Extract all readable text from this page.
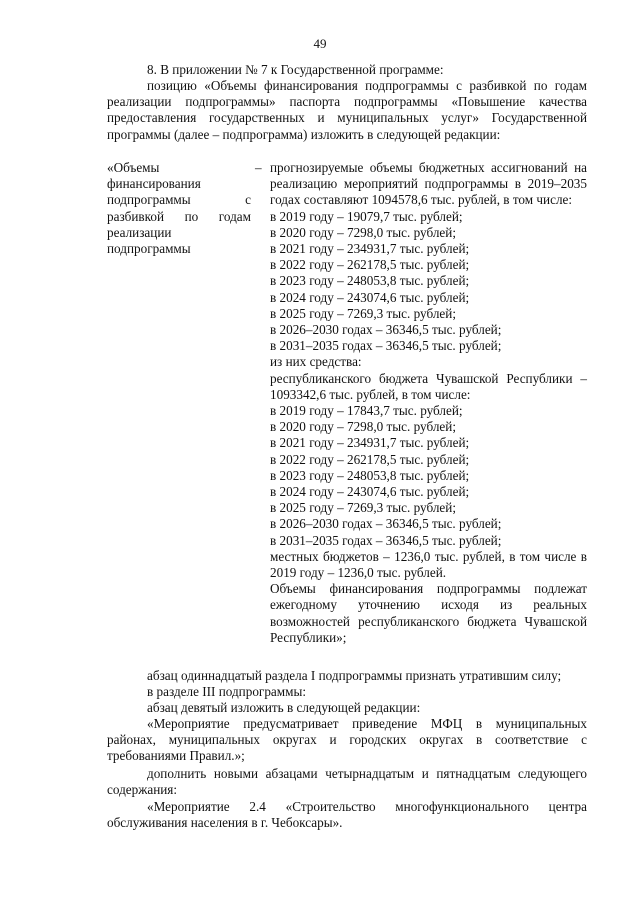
49
8. В приложении № 7 к Государственной программе:
позицию «Объемы финансирования подпрограммы с разбивкой по годам реализации подпрограммы» паспорта подпрограммы «Повышение качества предоставления государственных и муниципальных услуг» Государственной программы (далее – подпрограмма) изложить в следующей редакции:
«Объемы финансирования подпрограммы с разбивкой по годам реализации подпрограммы
– прогнозируемые объемы бюджетных ассигнований на реализацию мероприятий подпрограммы в 2019–2035 годах составляют 1094578,6 тыс. рублей, в том числе:
в 2019 году – 19079,7 тыс. рублей;
в 2020 году – 7298,0 тыс. рублей;
в 2021 году – 234931,7 тыс. рублей;
в 2022 году – 262178,5 тыс. рублей;
в 2023 году – 248053,8 тыс. рублей;
в 2024 году – 243074,6 тыс. рублей;
в 2025 году – 7269,3 тыс. рублей;
в 2026–2030 годах – 36346,5 тыс. рублей;
в 2031–2035 годах – 36346,5 тыс. рублей;
из них средства:
республиканского бюджета Чувашской Республики – 1093342,6 тыс. рублей, в том числе:
в 2019 году – 17843,7 тыс. рублей;
в 2020 году – 7298,0 тыс. рублей;
в 2021 году – 234931,7 тыс. рублей;
в 2022 году – 262178,5 тыс. рублей;
в 2023 году – 248053,8 тыс. рублей;
в 2024 году – 243074,6 тыс. рублей;
в 2025 году – 7269,3 тыс. рублей;
в 2026–2030 годах – 36346,5 тыс. рублей;
в 2031–2035 годах – 36346,5 тыс. рублей;
местных бюджетов – 1236,0 тыс. рублей, в том числе в 2019 году – 1236,0 тыс. рублей.
Объемы финансирования подпрограммы подлежат ежегодному уточнению исходя из реальных возможностей республиканского бюджета Чувашской Республики»;
абзац одиннадцатый раздела I подпрограммы признать утратившим силу;
в разделе III подпрограммы:
абзац девятый изложить в следующей редакции:
«Мероприятие предусматривает приведение МФЦ в муниципальных районах, муниципальных округах и городских округах в соответствие с требованиями Правил.»;
дополнить новыми абзацами четырнадцатым и пятнадцатым следующего содержания:
«Мероприятие 2.4 «Строительство многофункционального центра обслуживания населения в г. Чебоксары».
